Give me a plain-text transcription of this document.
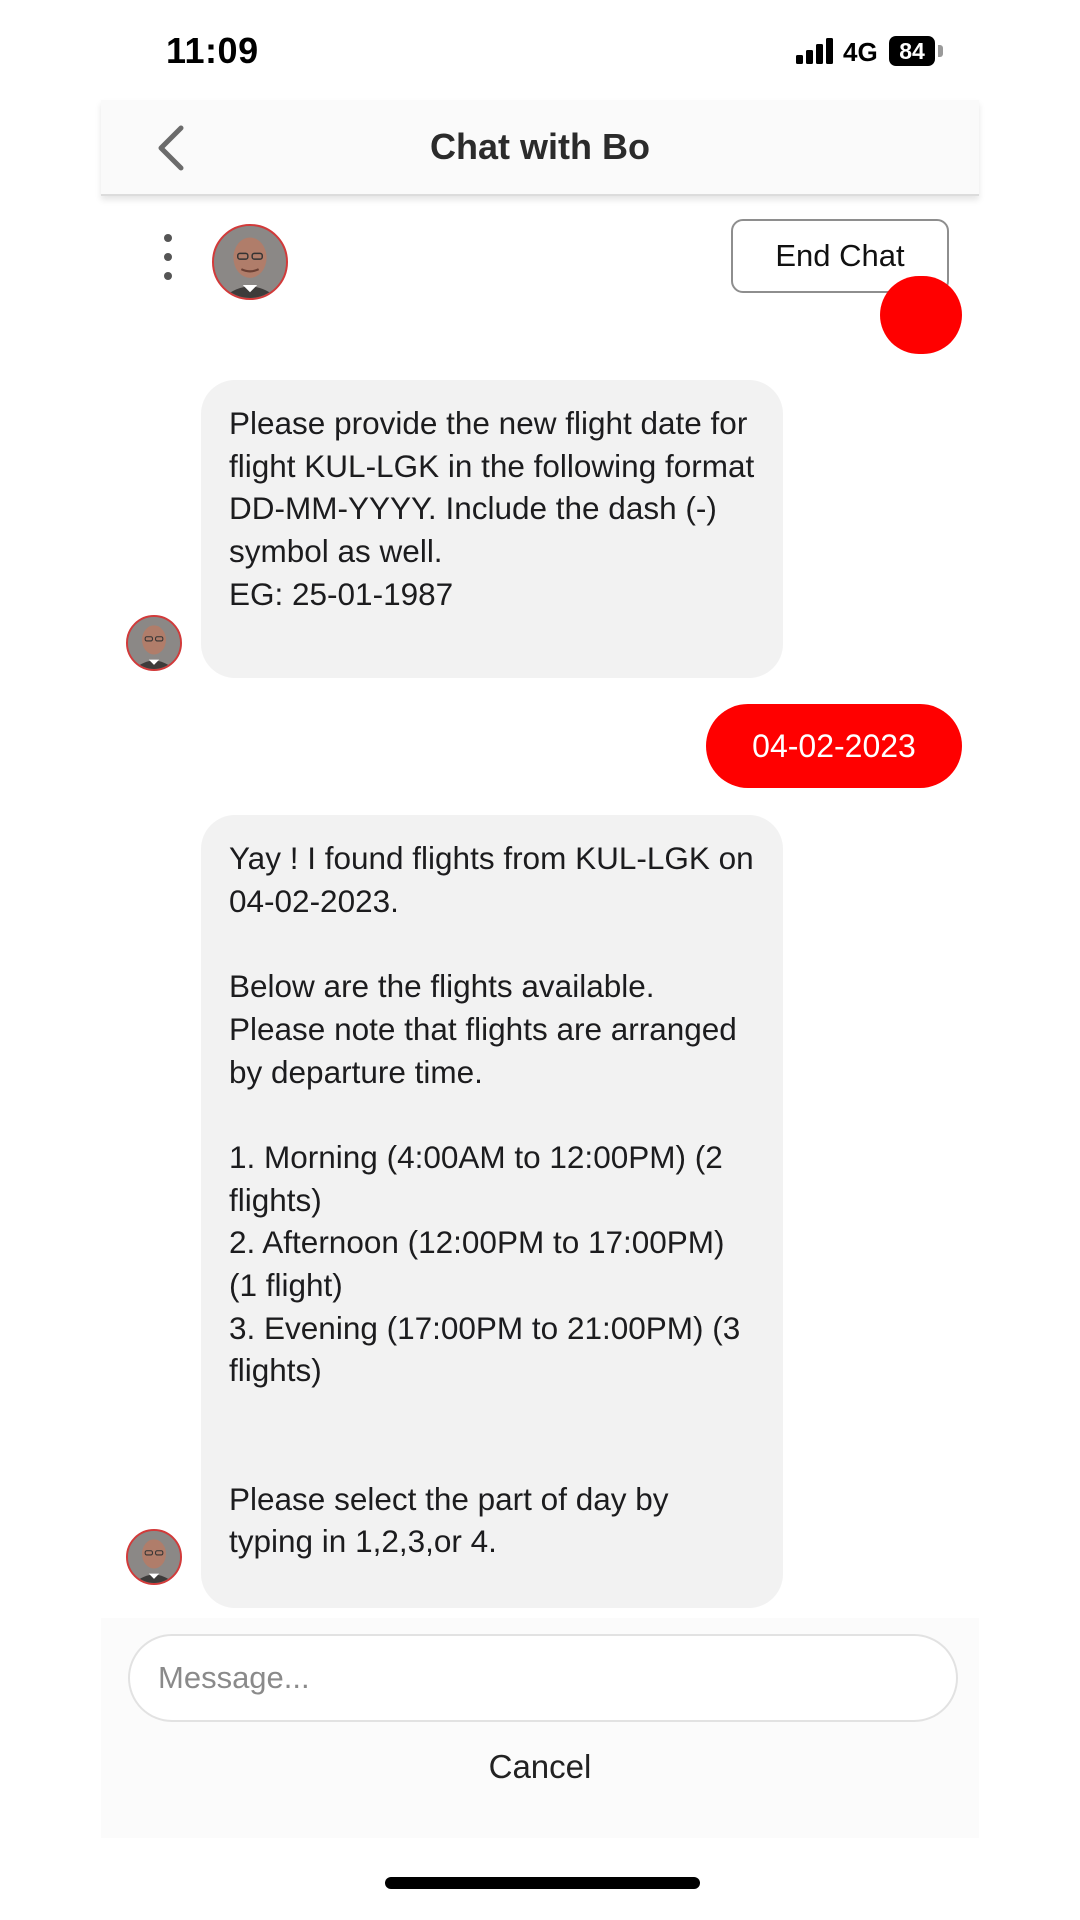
11:09	4G 84
Chat with Bo
End Chat
Please provide the new flight date for flight KUL-LGK in the following format DD-MM-YYYY. Include the dash (-) symbol as well.
EG: 25-01-1987
04-02-2023
Yay ! I found flights from KUL-LGK on 04-02-2023.

Below are the flights available. Please note that flights are arranged by departure time.

1. Morning (4:00AM to 12:00PM) (2 flights)
2. Afternoon (12:00PM to 17:00PM) (1 flight)
3. Evening (17:00PM to 21:00PM) (3 flights)

Please select the part of day by typing in 1,2,3,or 4.
Message...
Cancel
